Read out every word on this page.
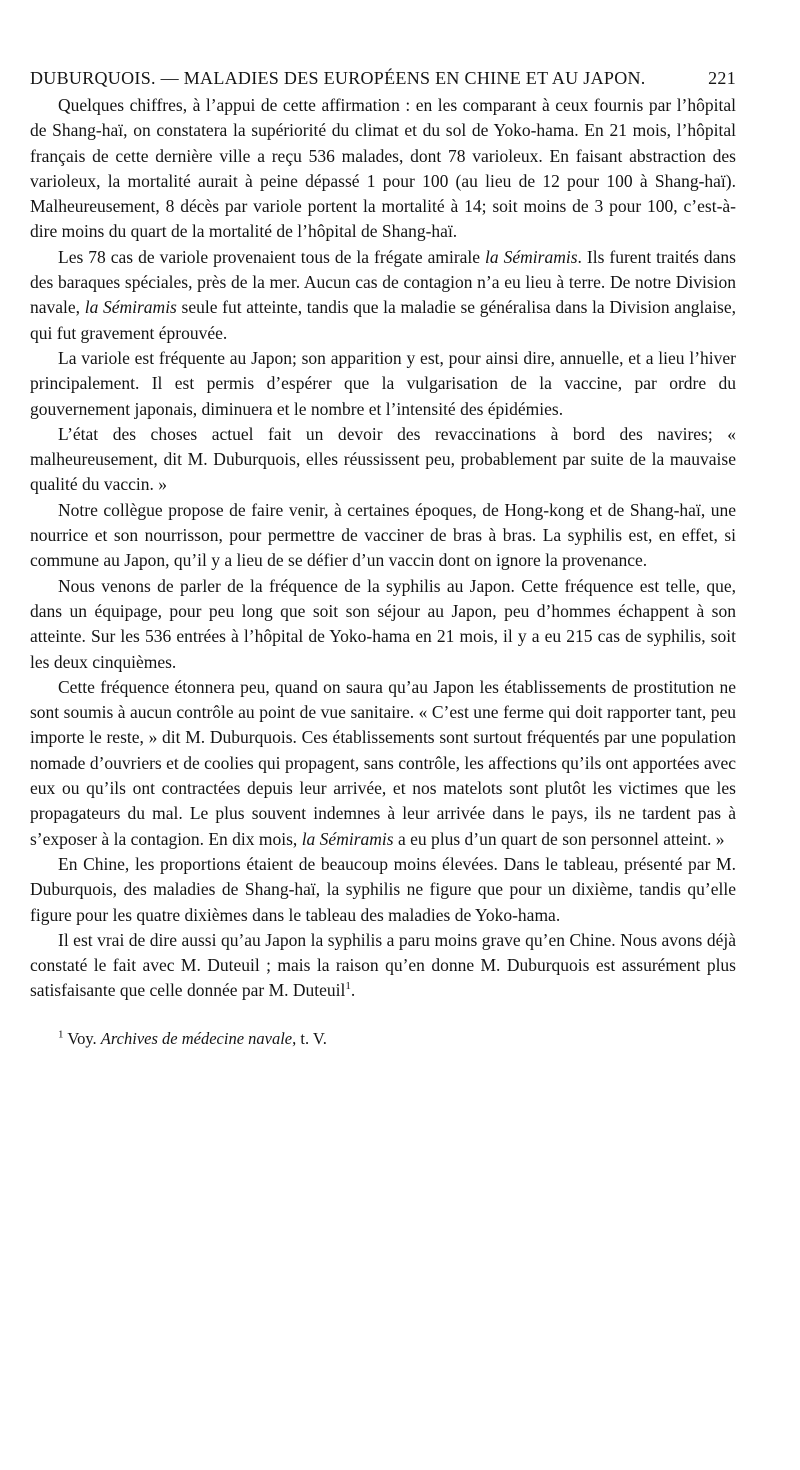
DUBURQUOIS. — MALADIES DES EUROPÉENS EN CHINE ET AU JAPON.	221

Quelques chiffres, à l’appui de cette affirmation : en les comparant à ceux fournis par l’hôpital de Shang-haï, on constatera la supériorité du climat et du sol de Yoko-hama. En 21 mois, l’hôpital français de cette dernière ville a reçu 536 malades, dont 78 varioleux. En faisant abstraction des varioleux, la mortalité aurait à peine dépassé 1 pour 100 (au lieu de 12 pour 100 à Shang-haï). Malheureusement, 8 décès par variole portent la mortalité à 14; soit moins de 3 pour 100, c’est-à-dire moins du quart de la mortalité de l’hôpital de Shang-haï.

Les 78 cas de variole provenaient tous de la frégate amirale la Sémiramis. Ils furent traités dans des baraques spéciales, près de la mer. Aucun cas de contagion n’a eu lieu à terre. De notre Division navale, la Sémiramis seule fut atteinte, tandis que la maladie se généralisa dans la Division anglaise, qui fut gravement éprouvée.

La variole est fréquente au Japon; son apparition y est, pour ainsi dire, annuelle, et a lieu l’hiver principalement. Il est permis d’espérer que la vulgarisation de la vaccine, par ordre du gouvernement japonais, diminuera et le nombre et l’intensité des épidémies.

L’état des choses actuel fait un devoir des revaccinations à bord des navires; « malheureusement, dit M. Duburquois, elles réussissent peu, probablement par suite de la mauvaise qualité du vaccin. »

Notre collègue propose de faire venir, à certaines époques, de Hong-kong et de Shang-haï, une nourrice et son nourrisson, pour permettre de vacciner de bras à bras. La syphilis est, en effet, si commune au Japon, qu’il y a lieu de se défier d’un vaccin dont on ignore la provenance.

Nous venons de parler de la fréquence de la syphilis au Japon. Cette fréquence est telle, que, dans un équipage, pour peu long que soit son séjour au Japon, peu d’hommes échappent à son atteinte. Sur les 536 entrées à l’hôpital de Yoko-hama en 21 mois, il y a eu 215 cas de syphilis, soit les deux cinquièmes.

Cette fréquence étonnera peu, quand on saura qu’au Japon les établissements de prostitution ne sont soumis à aucun contrôle au point de vue sanitaire. « C’est une ferme qui doit rapporter tant, peu importe le reste, » dit M. Duburquois. Ces établissements sont surtout fréquentés par une population nomade d’ouvriers et de coolies qui propagent, sans contrôle, les affections qu’ils ont apportées avec eux ou qu’ils ont contractées depuis leur arrivée, et nos matelots sont plutôt les victimes que les propagateurs du mal. Le plus souvent indemnes à leur arrivée dans le pays, ils ne tardent pas à s’exposer à la contagion. En dix mois, la Sémiramis a eu plus d’un quart de son personnel atteint. »

En Chine, les proportions étaient de beaucoup moins élevées. Dans le tableau, présenté par M. Duburquois, des maladies de Shang-haï, la syphilis ne figure que pour un dixième, tandis qu’elle figure pour les quatre dixièmes dans le tableau des maladies de Yoko-hama.

Il est vrai de dire aussi qu’au Japon la syphilis a paru moins grave qu’en Chine. Nous avons déjà constaté le fait avec M. Duteuil ; mais la raison qu’en donne M. Duburquois est assurément plus satisfaisante que celle donnée par M. Duteuil$^1$.

$^1$ Voy. Archives de médecine navale, t. V.
